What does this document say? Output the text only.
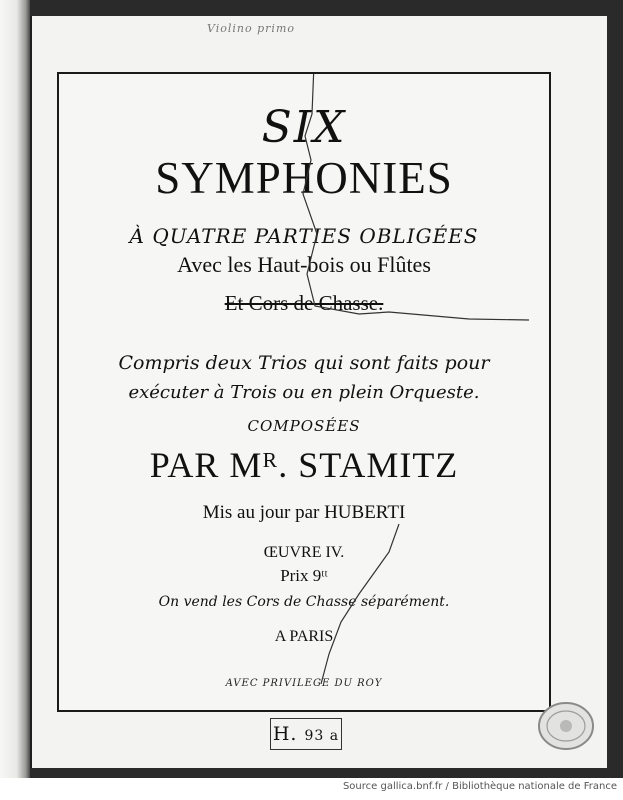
Violino primo
SIX
SYMPHONIES
À QUATRE PARTIES OBLIGÉES
Avec les Haut-bois ou Flûtes
Et Cors de Chasse.
Compris deux Trios qui sont faits pour
exécuter à Trois ou en plein Orqueste.
COMPOSÉES
PAR Mᴿ. STAMITZ
Mis au jour par HUBERTI
ŒUVRE IV.
Prix 9ᵗᵗ
On vend les Cors de Chasse séparément.
A PARIS
AVEC PRIVILEGE DU ROY
H. 93 a
Source gallica.bnf.fr / Bibliothèque nationale de France
